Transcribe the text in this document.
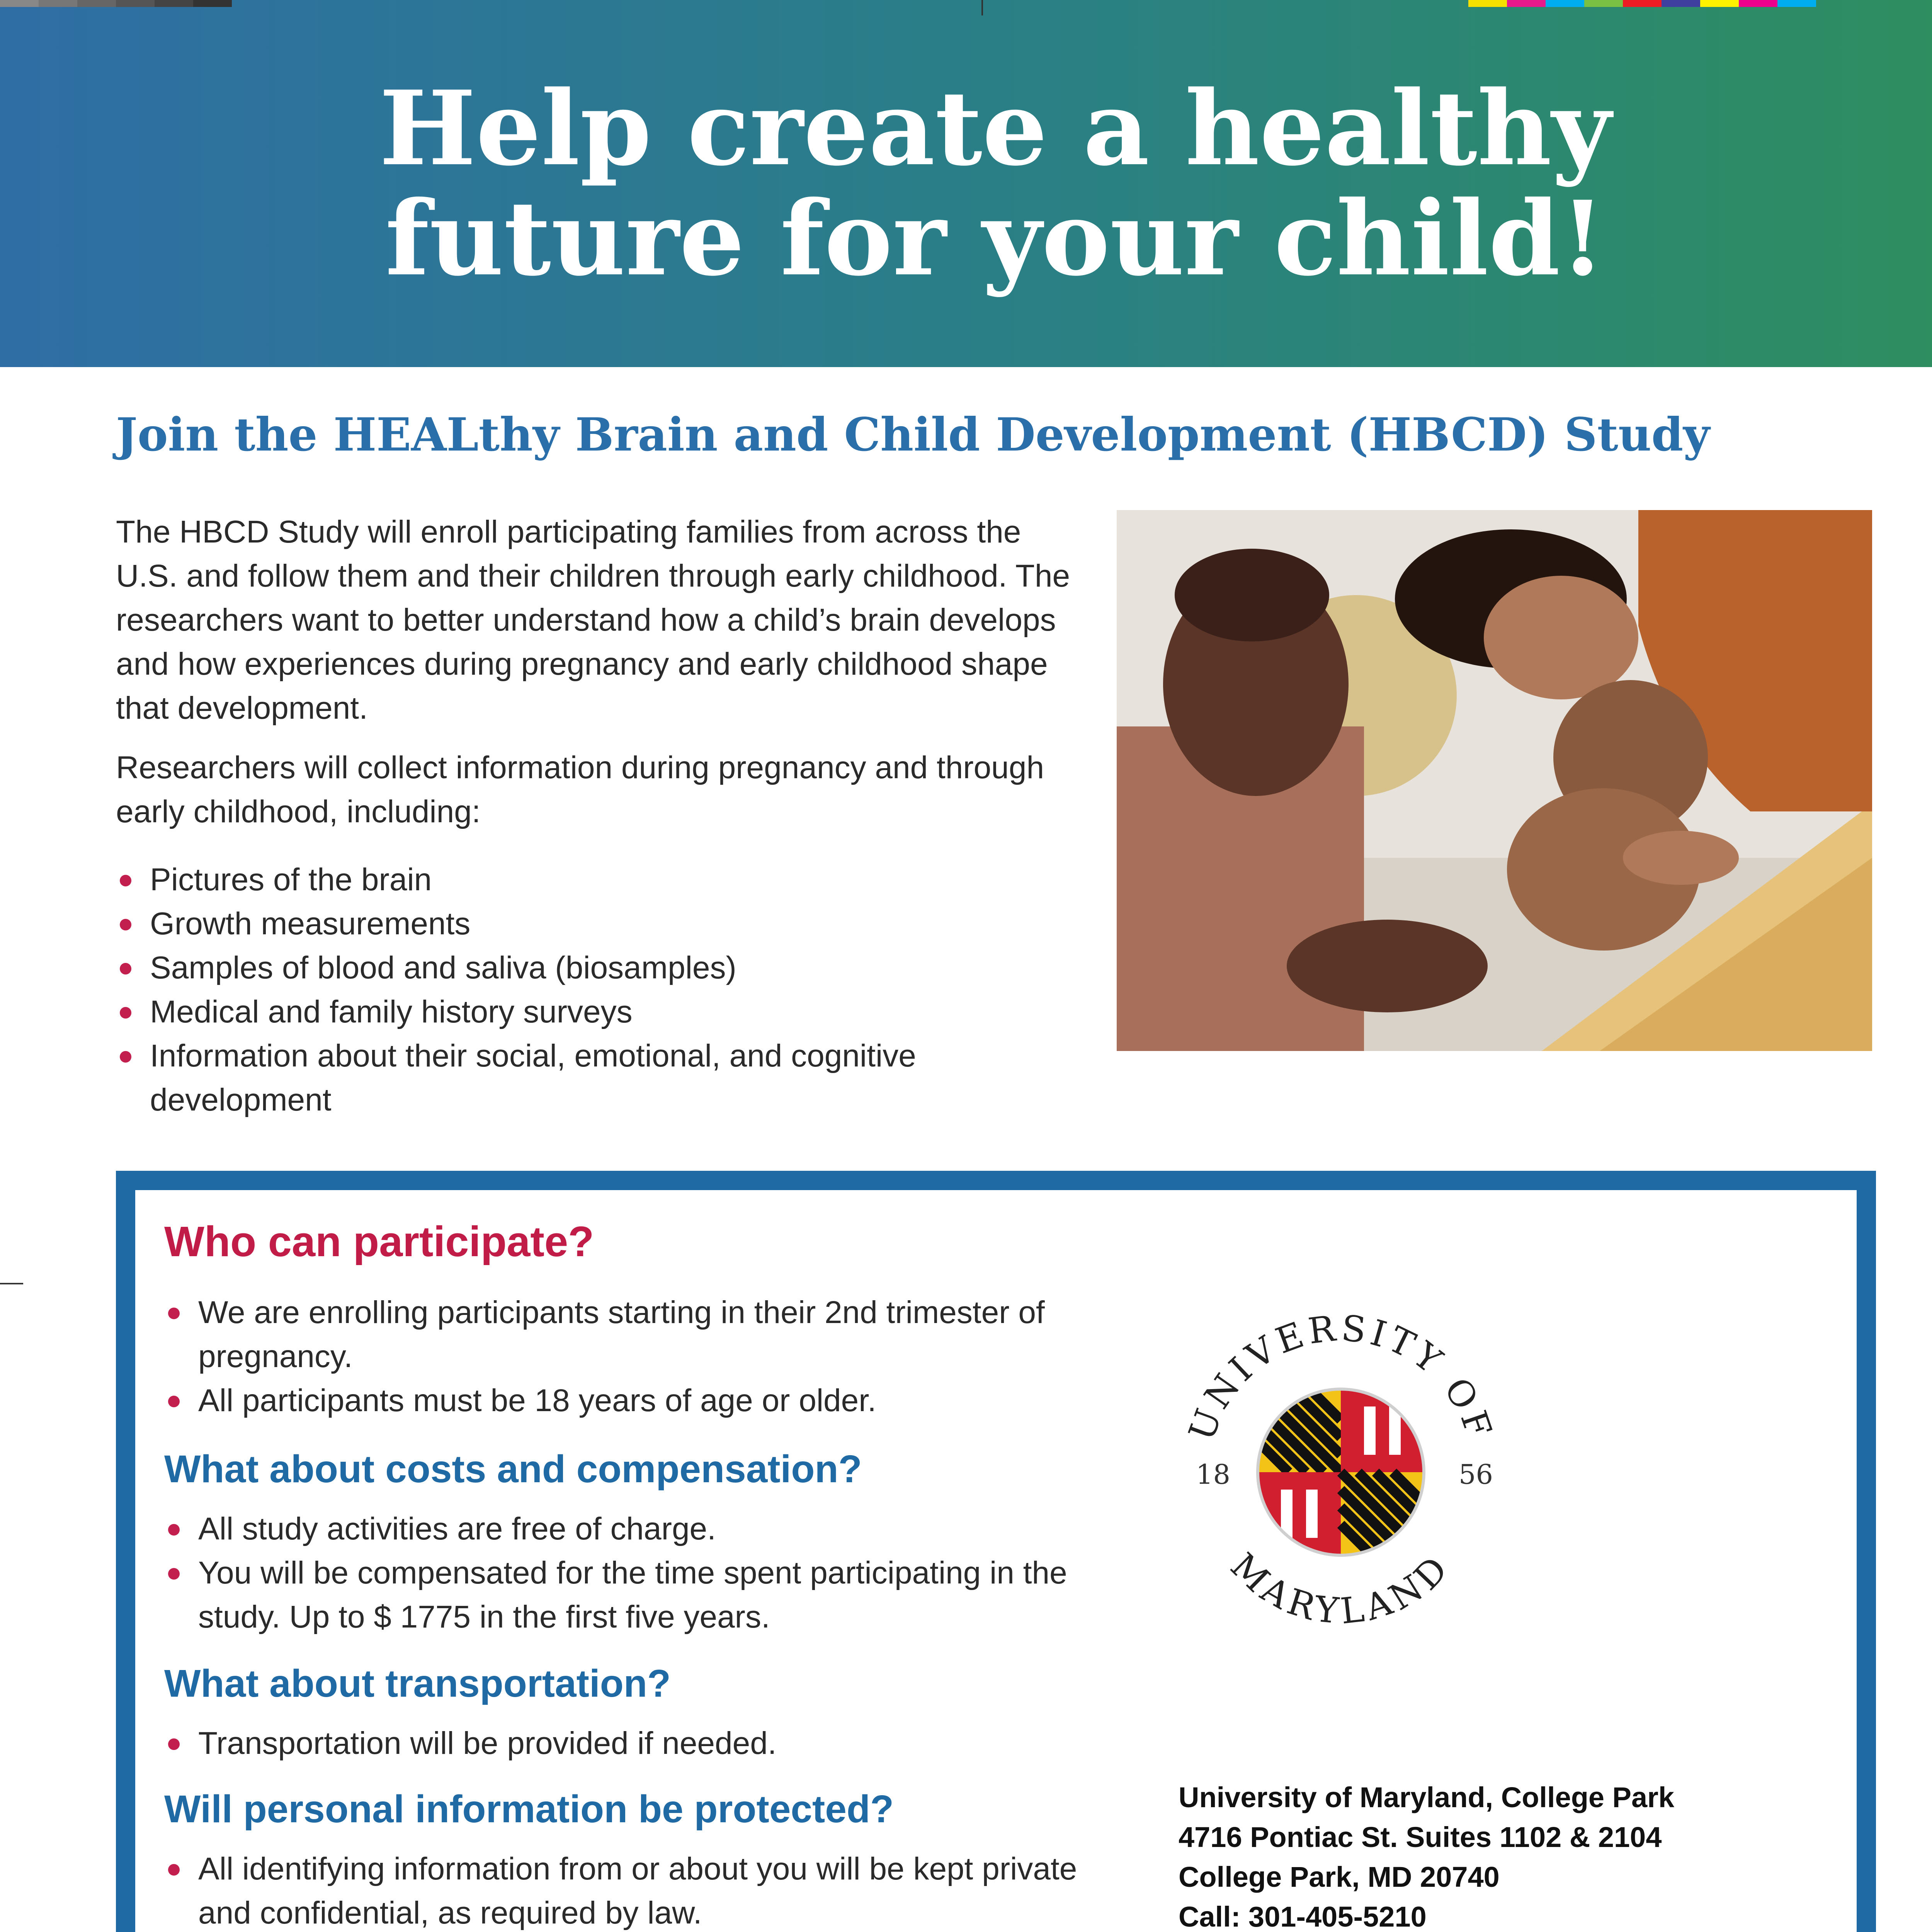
Help create a healthy
future for your child!
Join the HEALthy Brain and Child Development (HBCD) Study
The HBCD Study will enroll participating families from across the U.S. and follow them and their children through early childhood. The researchers want to better understand how a child’s brain develops and how experiences during pregnancy and early childhood shape that development.
Researchers will collect information during pregnancy and through early childhood, including:
Pictures of the brain
Growth measurements
Samples of blood and saliva (biosamples)
Medical and family history surveys
Information about their social, emotional, and cognitive development
Who can participate?
We are enrolling participants starting in their 2nd trimester of pregnancy.
All participants must be 18 years of age or older.
What about costs and compensation?
All study activities are free of charge.
You will be compensated for the time spent participating in the study. Up to $ 1775 in the first five years.
What about transportation?
Transportation will be provided if needed.
Will personal information be protected?
All identifying information from or about you will be kept private and confidential, as required by law.
UNIVERSITY OF
MARYLAND
18	56
University of Maryland, College Park
4716 Pontiac St. Suites 1102 & 2104
College Park, MD 20740
Call: 301-405-5210
